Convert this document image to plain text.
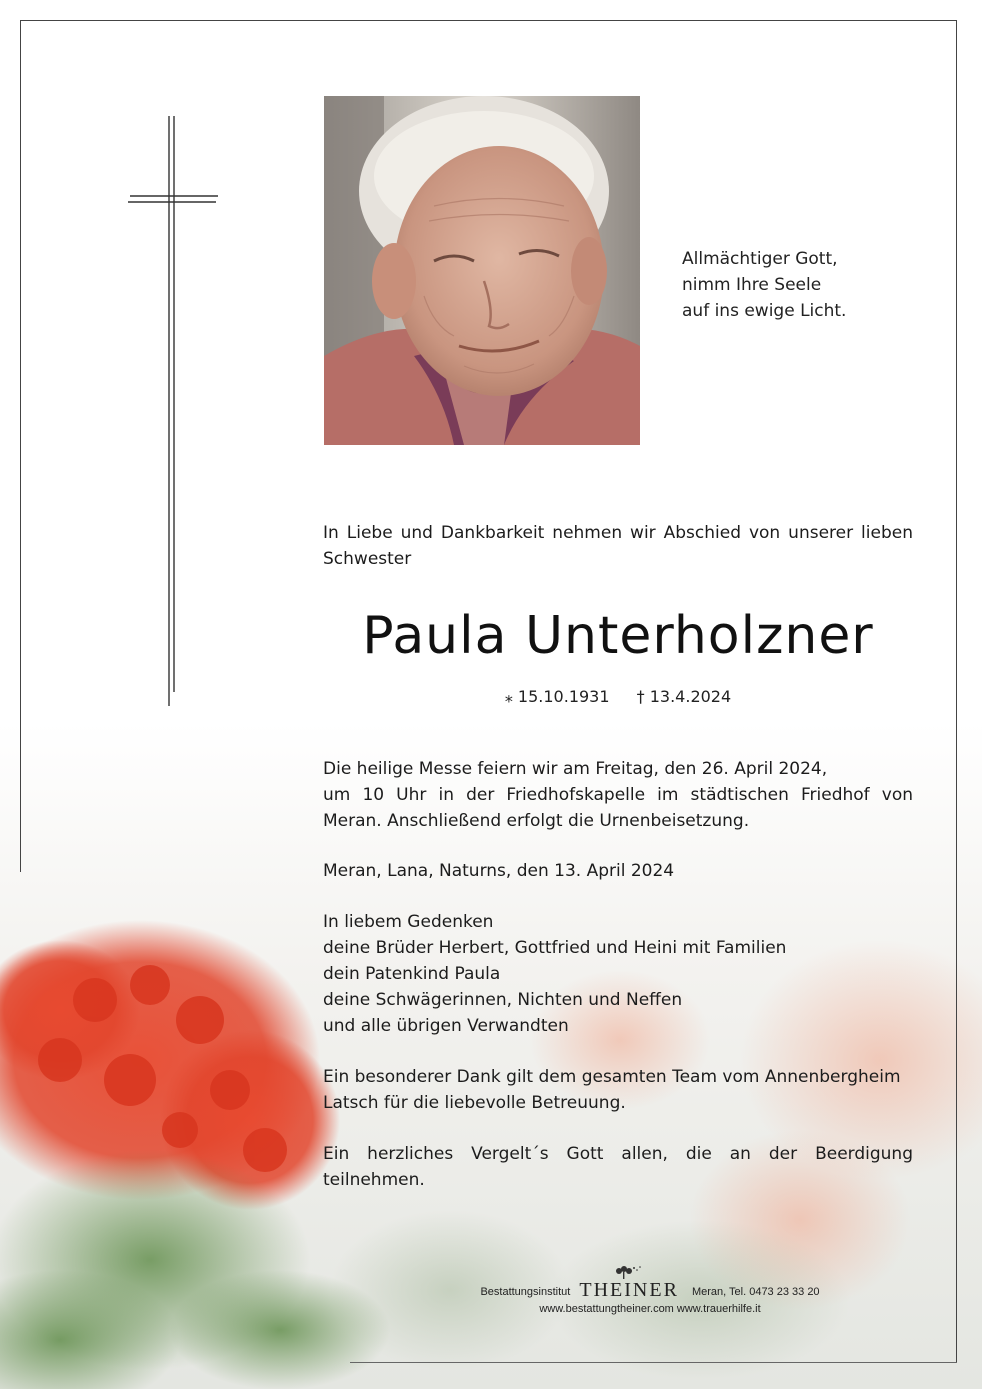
Allmächtiger Gott,
nimm Ihre Seele
auf ins ewige Licht.
In Liebe und Dankbarkeit nehmen wir Abschied von unserer lieben
Schwester
Paula Unterholzner
⁎ 15.10.1931 † 13.4.2024
Die heilige Messe feiern wir am Freitag, den 26. April 2024,
um 10 Uhr in der Friedhofskapelle im städtischen Friedhof von
Meran. Anschließend erfolgt die Urnenbeisetzung.
Meran, Lana, Naturns, den 13. April 2024
In liebem Gedenken
deine Brüder Herbert, Gottfried und Heini mit Familien
dein Patenkind Paula
deine Schwägerinnen, Nichten und Neffen
und alle übrigen Verwandten
Ein besonderer Dank gilt dem gesamten Team vom Annenbergheim
Latsch für die liebevolle Betreuung.
Ein herzliches Vergelt´s Gott allen, die an der Beerdigung
teilnehmen.
Bestattungsinstitut THEINER Meran, Tel. 0473 23 33 20
www.bestattungtheiner.com www.trauerhilfe.it
